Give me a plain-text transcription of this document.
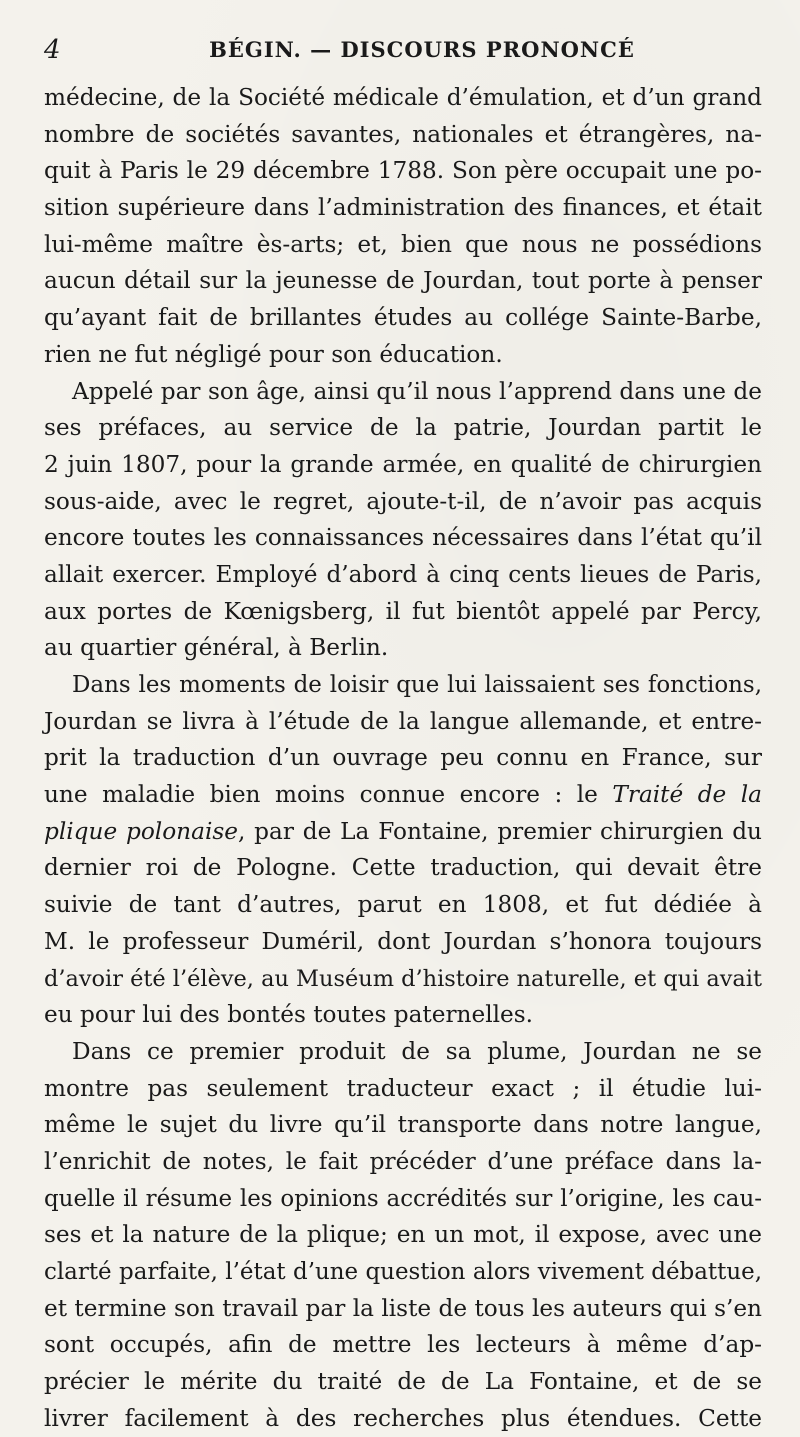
4	BÉGIN. — DISCOURS PRONONCÉ
médecine, de la Société médicale d’émulation, et d’un grand
nombre de sociétés savantes, nationales et étrangères, na-
quit à Paris le 29 décembre 1788. Son père occupait une po-
sition supérieure dans l’administration des finances, et était
lui-même maître ès-arts; et, bien que nous ne possédions
aucun détail sur la jeunesse de Jourdan, tout porte à penser
qu’ayant fait de brillantes études au collége Sainte-Barbe,
rien ne fut négligé pour son éducation.
Appelé par son âge, ainsi qu’il nous l’apprend dans une de
ses préfaces, au service de la patrie, Jourdan partit le
2 juin 1807, pour la grande armée, en qualité de chirurgien
sous-aide, avec le regret, ajoute-t-il, de n’avoir pas acquis
encore toutes les connaissances nécessaires dans l’état qu’il
allait exercer. Employé d’abord à cinq cents lieues de Paris,
aux portes de Kœnigsberg, il fut bientôt appelé par Percy,
au quartier général, à Berlin.
Dans les moments de loisir que lui laissaient ses fonctions,
Jourdan se livra à l’étude de la langue allemande, et entre-
prit la traduction d’un ouvrage peu connu en France, sur
une maladie bien moins connue encore : le Traité de la
plique polonaise, par de La Fontaine, premier chirurgien du
dernier roi de Pologne. Cette traduction, qui devait être
suivie de tant d’autres, parut en 1808, et fut dédiée à
M. le professeur Duméril, dont Jourdan s’honora toujours
d’avoir été l’élève, au Muséum d’histoire naturelle, et qui avait
eu pour lui des bontés toutes paternelles.
Dans ce premier produit de sa plume, Jourdan ne se
montre pas seulement traducteur exact ; il étudie lui-
même le sujet du livre qu’il transporte dans notre langue,
l’enrichit de notes, le fait précéder d’une préface dans la-
quelle il résume les opinions accrédités sur l’origine, les cau-
ses et la nature de la plique; en un mot, il expose, avec une
clarté parfaite, l’état d’une question alors vivement débattue,
et termine son travail par la liste de tous les auteurs qui s’en
sont occupés, afin de mettre les lecteurs à même d’ap-
précier le mérite du traité de de La Fontaine, et de se
livrer facilement à des recherches plus étendues. Cette
